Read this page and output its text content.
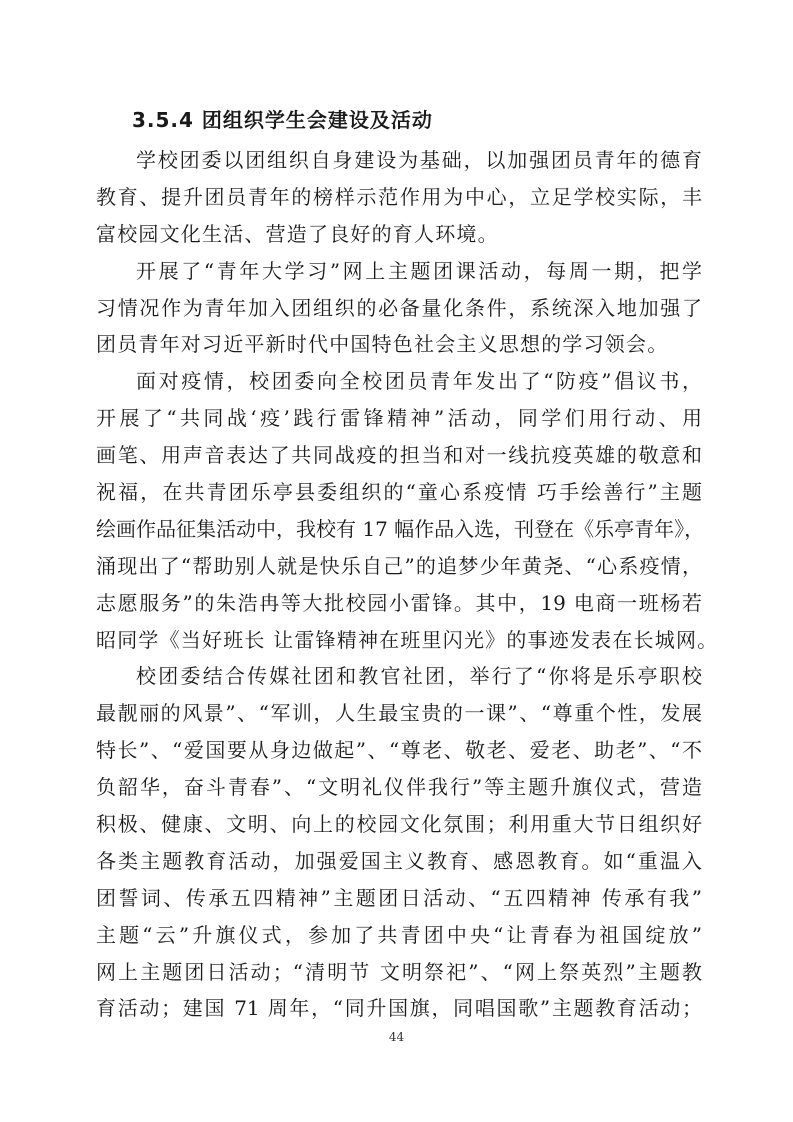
3.5.4 团组织学生会建设及活动
学校团委以团组织自身建设为基础，以加强团员青年的德育
教育、提升团员青年的榜样示范作用为中心，立足学校实际，丰
富校园文化生活、营造了良好的育人环境。
开展了“青年大学习”网上主题团课活动，每周一期，把学
习情况作为青年加入团组织的必备量化条件，系统深入地加强了
团员青年对习近平新时代中国特色社会主义思想的学习领会。
面对疫情，校团委向全校团员青年发出了“防疫”倡议书，
开展了“共同战‘疫’践行雷锋精神”活动，同学们用行动、用
画笔、用声音表达了共同战疫的担当和对一线抗疫英雄的敬意和
祝福，在共青团乐亭县委组织的“童心系疫情 巧手绘善行”主题
绘画作品征集活动中，我校有 17 幅作品入选，刊登在《乐亭青年》，
涌现出了“帮助别人就是快乐自己”的追梦少年黄尧、“心系疫情，
志愿服务”的朱浩冉等大批校园小雷锋。其中，19 电商一班杨若
昭同学《当好班长 让雷锋精神在班里闪光》的事迹发表在长城网。
校团委结合传媒社团和教官社团，举行了“你将是乐亭职校
最靓丽的风景”、“军训，人生最宝贵的一课”、“尊重个性，发展
特长”、“爱国要从身边做起”、“尊老、敬老、爱老、助老”、“不
负韶华，奋斗青春”、“文明礼仪伴我行”等主题升旗仪式，营造
积极、健康、文明、向上的校园文化氛围；利用重大节日组织好
各类主题教育活动，加强爱国主义教育、感恩教育。如“重温入
团誓词、传承五四精神”主题团日活动、“五四精神 传承有我”
主题“云”升旗仪式，参加了共青团中央“让青春为祖国绽放”
网上主题团日活动；“清明节 文明祭祀”、“网上祭英烈”主题教
育活动；建国 71 周年，“同升国旗，同唱国歌”主题教育活动；
44
